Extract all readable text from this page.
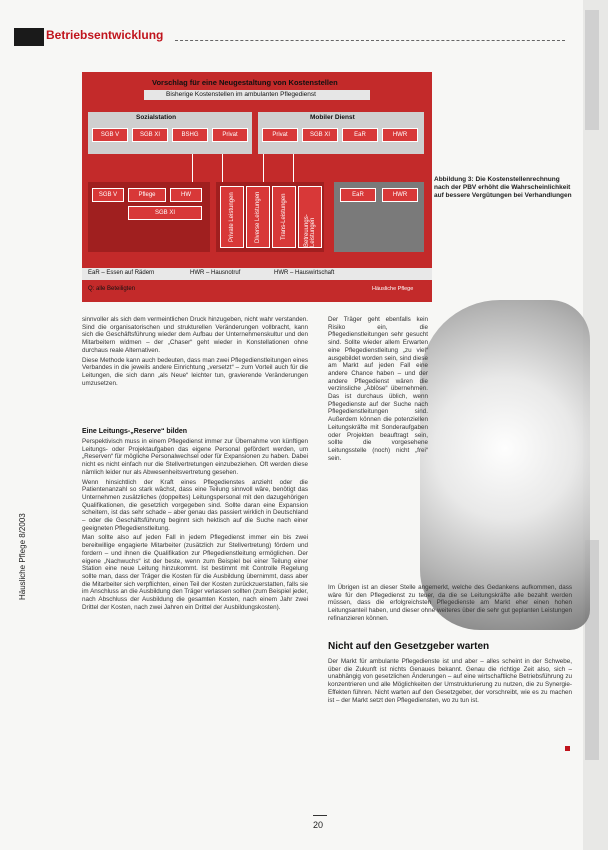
Betriebsentwicklung
Vorschlag für eine Neugestaltung von Kostenstellen
Bisherige Kostenstellen im ambulanten Pflegedienst
Sozialstation
SGB V	SGB XI	BSHG	Privat
Mobiler Dienst
Privat	SGB XI	EaR	HWR
SGB V	Pflege	HW
SGB XI	Private Leistungen	Diverse Leistungen	Trans-Leistungen	Betreuungs-Leistungen
EaR	HWR
EaR – Essen auf Rädern	HWR – Hausnotruf	HWR – Hauswirtschaft
Q: alle Beteiligten	Häusliche Pflege
Abbildung 3: Die Kostenstellenrechnung nach der PBV erhöht die Wahrscheinlichkeit auf bessere Vergütungen bei Verhandlungen

sinnvoller als sich dem vermeintlichen Druck hinzugeben, nicht wahr verstanden. Sind die organisatorischen und strukturellen Veränderungen vollbracht, kann sich die Geschäftsführung wieder dem Aufbau der Unternehmenskultur und den Mitarbeitern widmen – der „Chaser“ geht wieder in Konstellationen ohne durchaus reale Alternativen.

Diese Methode kann auch bedeuten, dass man zwei Pflegedienstleitungen eines Verbandes in die jeweils andere Einrichtung „versetzt“ – zum Vorteil auch für die Leitungen, die sich dann „als Neue“ leichter tun, gravierende Veränderungen umzusetzen.

Eine Leitungs-„Reserve“ bilden

Perspektivisch muss in einem Pflegedienst immer zur Übernahme von künftigen Leitungs- oder Projektaufgaben das eigene Personal gefördert werden, um „Reserven“ für mögliche Personalwechsel oder für Expansionen zu haben. Dabei nicht es nicht einfach nur die Stellvertretungen einzubeziehen. Oft werden diese nämlich leider nur als Abwesenheitsvertretung gesehen.

Wenn hinsichtlich der Kraft eines Pflegedienstes anzieht oder die Patientenanzahl so stark wächst, dass eine Teilung sinnvoll wäre, benötigt das Unternehmen zusätzliches (doppeltes) Leitungspersonal mit den dazugehörigen Qualifikationen, die gesetzlich vorgegeben sind. Sollte daran eine Expansion scheitern, ist das sehr schade – aber genau das passiert wirklich in Deutschland – oder die Geschäftsführung beginnt sich hektisch auf die Suche nach einer geeigneten Pflegedienstleitung.

Man sollte also auf jeden Fall in jedem Pflegedienst immer ein bis zwei bereitwillige engagierte Mitarbeiter (zusätzlich zur Stellvertretung) fördern und fordern – und ihnen die Qualifikation zur Pflegedienstleitung ermöglichen. Der eigene „Nachwuchs“ ist der beste, wenn zum Beispiel bei einer Teilung einer Station eine neue Leitung hinzukommt. Ist bestimmt mit Controlle Regelung sollte man, dass der Träger die Kosten für die Ausbildung übernimmt, dass aber die Mitarbeiter sich verpflichten, einen Teil der Kosten zurückzuerstatten, falls sie im Anschluss an die Ausbildung den Träger verlassen sollten (zum Beispiel jeder, nach Abschluss der Ausbildung die gesamten Kosten, nach einem Jahr zwei Drittel der Kosten, nach zwei Jahren ein Drittel der Ausbildungskosten).

Der Träger geht ebenfalls kein Risiko ein, die Pflegedienstleitungen sehr gesucht sind. Sollte wieder allem Erwarten eine Pflegedienstleitung „zu viel“ ausgebildet worden sein, sind diese am Markt auf jeden Fall eine andere Chance haben – und der andere Pflegedienst wären die verzinsliche „Ablöse“ übernehmen. Das ist durchaus üblich, wenn Pflegedienste auf der Suche nach Pflegedienstleitungen sind. Außerdem können die potenziellen Leitungskräfte mit Sonderaufgaben oder Projekten beauftragt sein, sollte die vorgesehene Leitungsstelle (noch) nicht „frei“ sein.

Im Übrigen ist an dieser Stelle angemerkt, welche des Gedankens aufkommen, dass wäre für den Pflegedienst zu teuer, da die se Leitungskräfte alle bezahlt werden müssen, dass die erfolgreichsten Pflegedienste am Markt eher einen hohen Leitungsanteil haben, und dieser ohne weiteres über die sehr gut geplanten Leistungen refinanzieren können.

Nicht auf den Gesetzgeber warten

Der Markt für ambulante Pflegedienste ist und aber – alles scheint in der Schwebe, über die Zukunft ist nichts Genaues bekannt. Genau die richtige Zeit also, sich – unabhängig von gesetzlichen Änderungen – auf eine wirtschaftliche Betriebsführung zu konzentrieren und alle Möglichkeiten der Umstrukturierung zu nutzen, die zu Synergie-Effekten führen. Nicht warten auf den Gesetzgeber, der vorschreibt, wie es zu machen ist – der Markt setzt den Pflegediensten, wo zu tun ist.

Häusliche Pflege 8/2003
20
